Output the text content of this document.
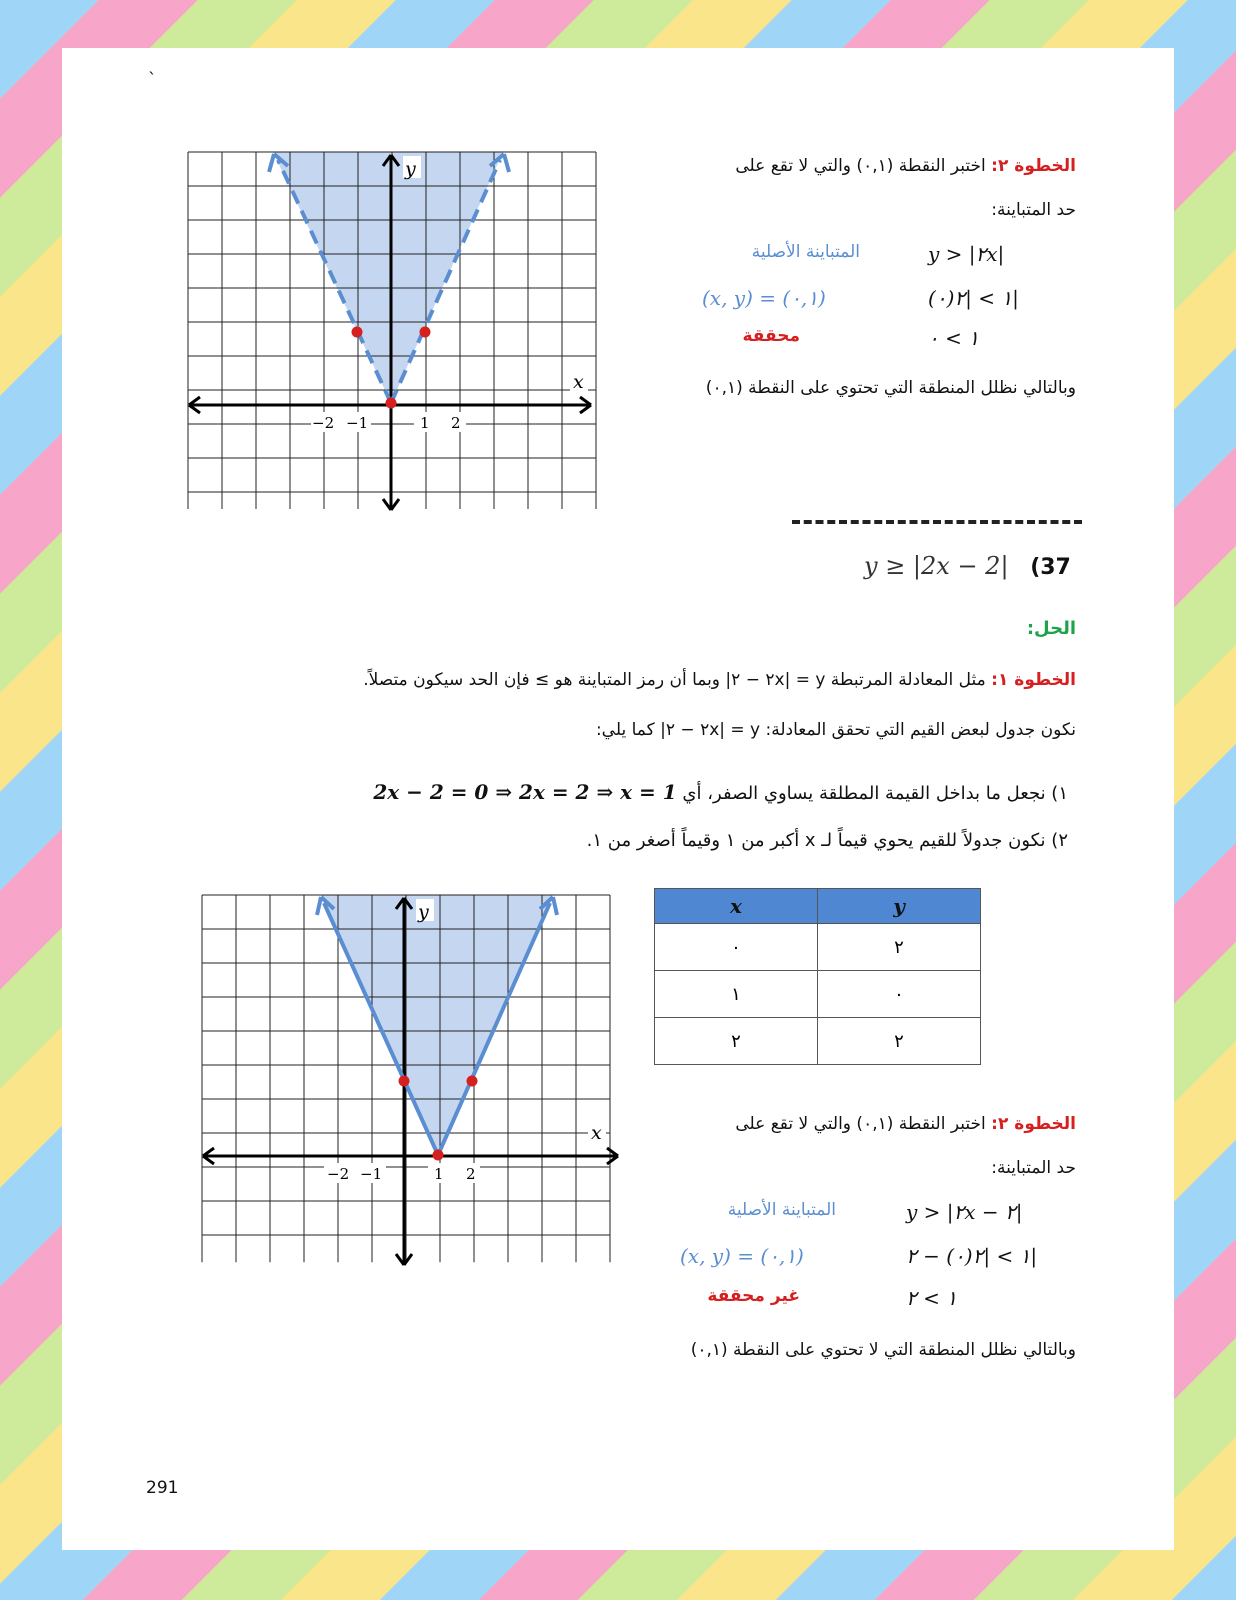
`
y
x
−2 −1	1 2
الخطوة ٢: اختبر النقطة (٠,١) والتي لا تقع على
حد المتباينة:
المتباينة الأصلية
(x, y) = (٠,١)
محققة
y > |٢x|
١ > |٢(٠)|
١ > ٠
وبالتالي نظلل المنطقة التي تحتوي على النقطة (٠,١)
y ≥ |2x − 2| (37
الحل:
الخطوة ١: مثل المعادلة المرتبطة y = |٢x − ٢| وبما أن رمز المتباينة هو ≥ فإن الحد سيكون متصلاً.
نكون جدول لبعض القيم التي تحقق المعادلة: y = |٢x − ٢| كما يلي:
١) نجعل ما بداخل القيمة المطلقة يساوي الصفر، أي 2x − 2 = 0 ⇒ 2x = 2 ⇒ x = 1
٢) نكون جدولاً للقيم يحوي قيماً لـ x أكبر من ١ وقيماً أصغر من ١.
x	y
٠	٢
١	٠
٢	٢
y
x
−2 −1	1 2
الخطوة ٢: اختبر النقطة (٠,١) والتي لا تقع على
حد المتباينة:
المتباينة الأصلية
(x, y) = (٠,١)
غير محققة
y > |٢x − ٢|
١ > |٢(٠) − ٢|
١ > ٢
وبالتالي نظلل المنطقة التي لا تحتوي على النقطة (٠,١)
291
